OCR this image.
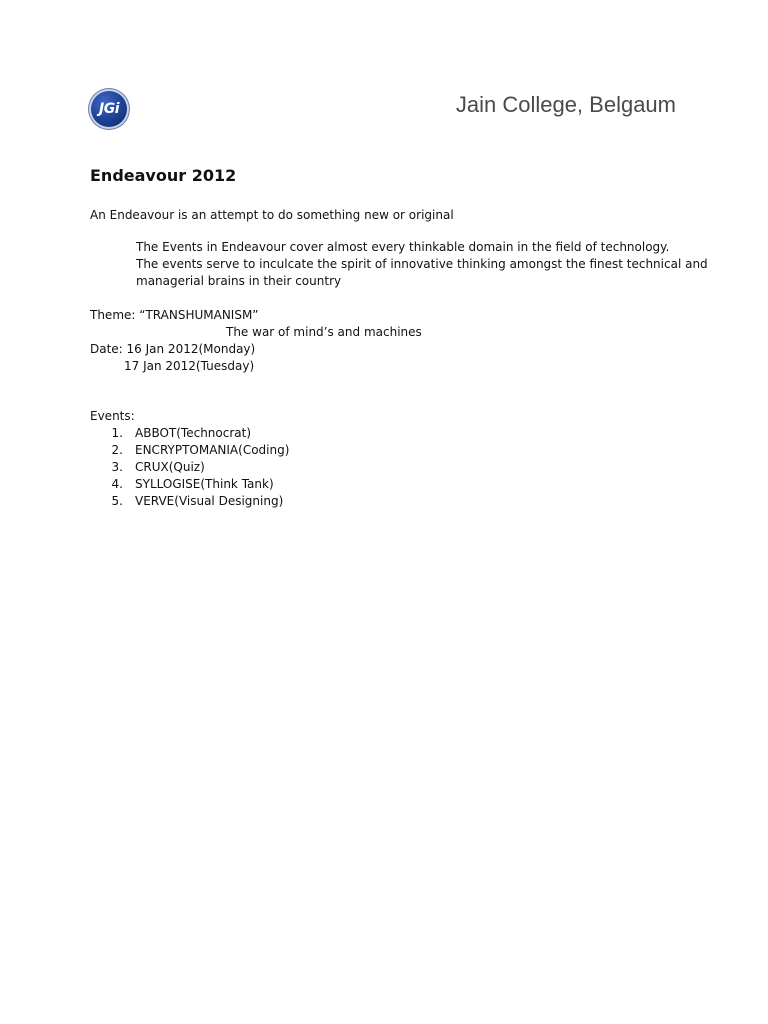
JGi	Jain College, Belgaum
Endeavour 2012
An Endeavour is an attempt to do something new or original
The Events in Endeavour cover almost every thinkable domain in the field of technology.
The events serve to inculcate the spirit of innovative thinking amongst the finest technical and
managerial brains in their country
Theme: “TRANSHUMANISM”
The war of mind’s and machines
Date: 16 Jan 2012(Monday)
17 Jan 2012(Tuesday)
Events:
1.	ABBOT(Technocrat)
2.	ENCRYPTOMANIA(Coding)
3.	CRUX(Quiz)
4.	SYLLOGISE(Think Tank)
5.	VERVE(Visual Designing)
